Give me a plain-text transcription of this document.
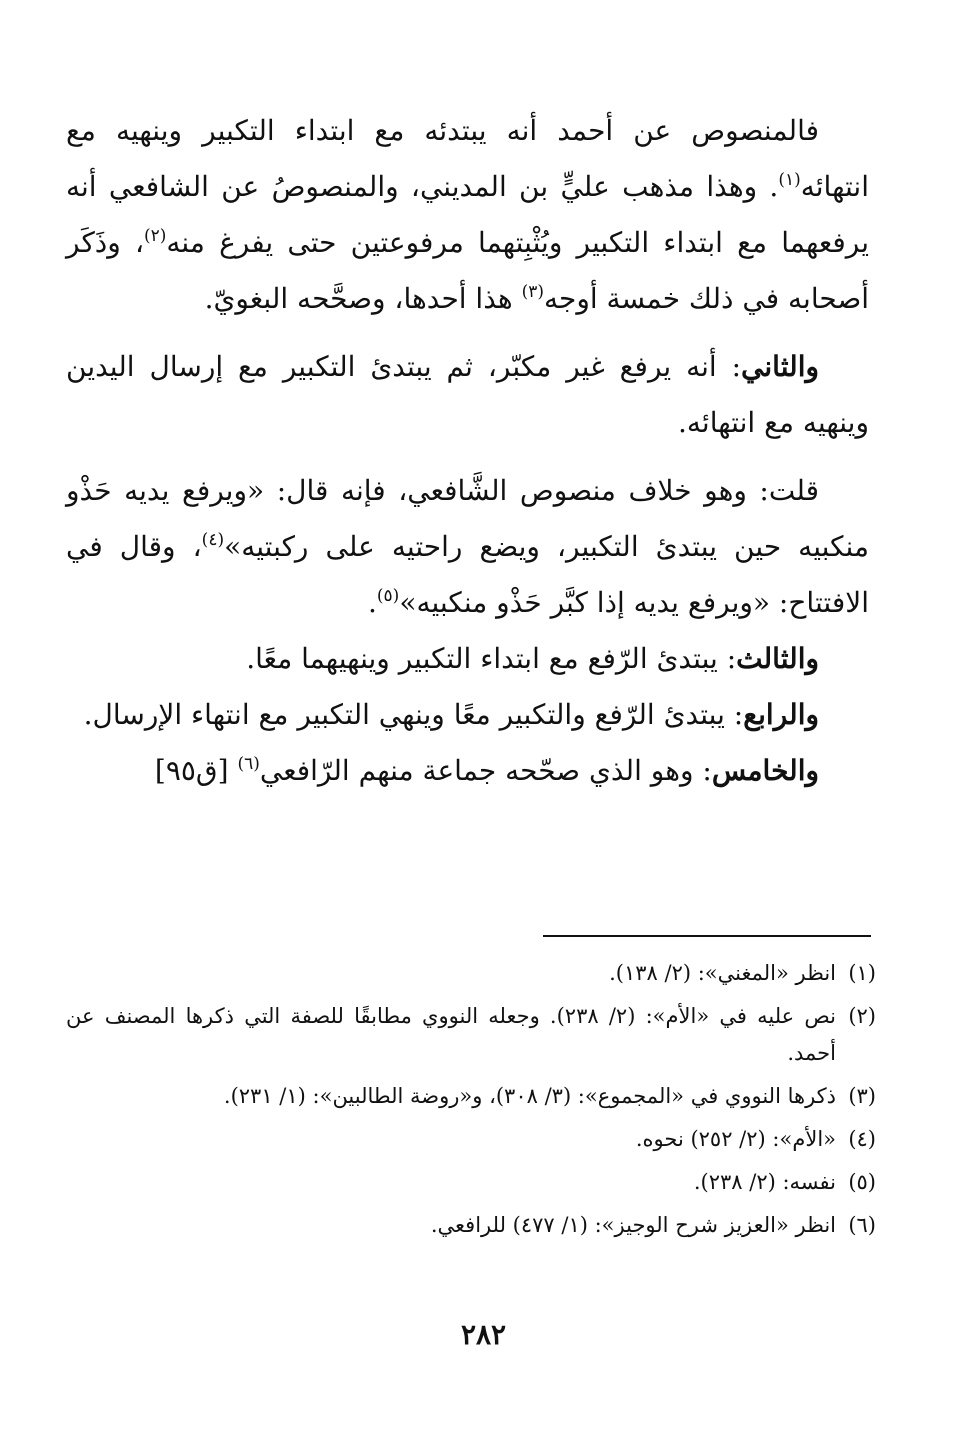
فالمنصوص عن أحمد أنه يبتدئه مع ابتداء التكبير وينهيه مع انتهائه$^{(١)}$. وهذا مذهب عليٍّ بن المديني، والمنصوصُ عن الشافعي أنه يرفعهما مع ابتداء التكبير ويُثْبِتهما مرفوعتين حتى يفرغ منه$^{(٢)}$، وذَكَر أصحابه في ذلك خمسة أوجه$^{(٣)}$ هذا أحدها، وصحَّحه البغويّ.

والثاني: أنه يرفع غير مكبّر، ثم يبتدئ التكبير مع إرسال اليدين وينهيه مع انتهائه.

قلت: وهو خلاف منصوص الشَّافعي، فإنه قال: «ويرفع يديه حَذْو منكبيه حين يبتدئ التكبير، ويضع راحتيه على ركبتيه»$^{(٤)}$، وقال في الافتتاح: «ويرفع يديه إذا كبَّر حَذْو منكبيه»$^{(٥)}$.

والثالث: يبتدئ الرّفع مع ابتداء التكبير وينهيهما معًا.

والرابع: يبتدئ الرّفع والتكبير معًا وينهي التكبير مع انتهاء الإرسال.

والخامس: وهو الذي صحّحه جماعة منهم الرّافعي$^{(٦)}$ [ق٩٥]

(١)
انظر «المغني»: (٢/ ١٣٨).
(٢)
نص عليه في «الأم»: (٢/ ٢٣٨). وجعله النووي مطابقًا للصفة التي ذكرها المصنف عن أحمد.
(٣)
ذكرها النووي في «المجموع»: (٣/ ٣٠٨)، و«روضة الطالبين»: (١/ ٢٣١).
(٤)
«الأم»: (٢/ ٢٥٢) نحوه.
(٥)
نفسه: (٢/ ٢٣٨).
(٦)
انظر «العزيز شرح الوجيز»: (١/ ٤٧٧) للرافعي.
٢٨٢
